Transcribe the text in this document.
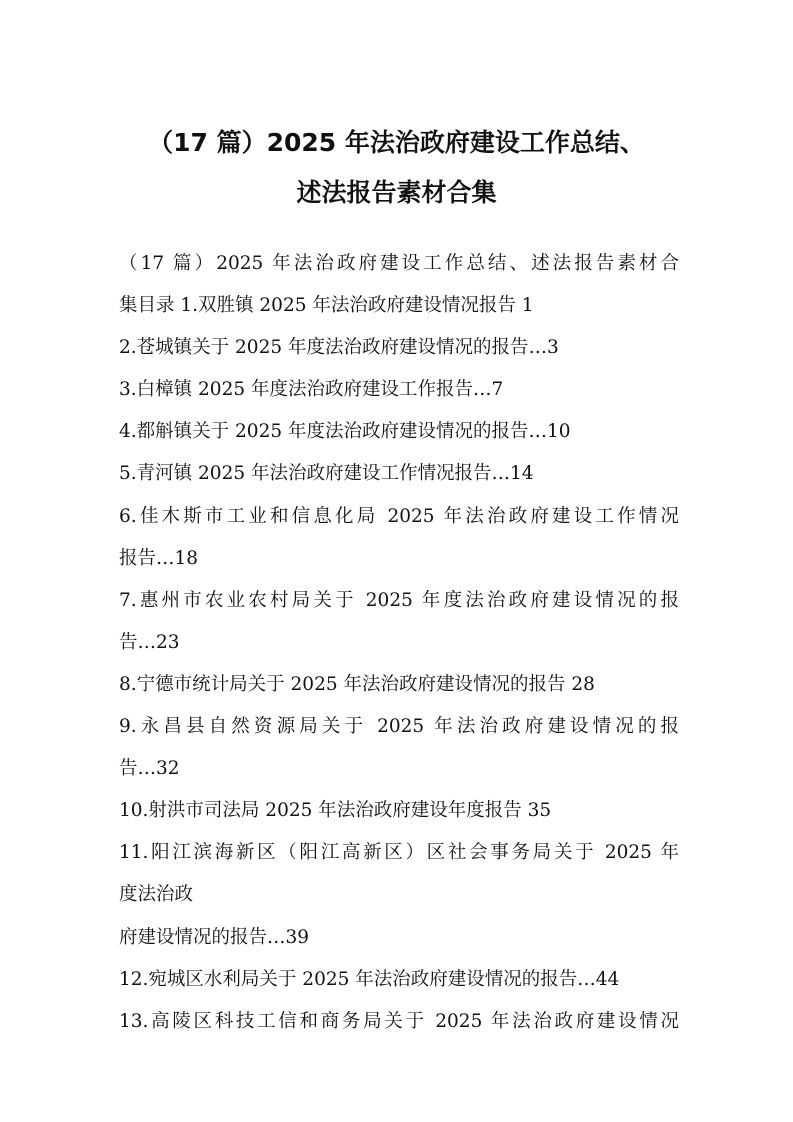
（17 篇）2025 年法治政府建设工作总结、
述法报告素材合集
（17 篇）2025 年法治政府建设工作总结、述法报告素材合
集目录 1.双胜镇 2025 年法治政府建设情况报告 1
2.苍城镇关于 2025 年度法治政府建设情况的报告…3
3.白樟镇 2025 年度法治政府建设工作报告…7
4.都斛镇关于 2025 年度法治政府建设情况的报告…10
5.青河镇 2025 年法治政府建设工作情况报告…14
6.佳木斯市工业和信息化局 2025 年法治政府建设工作情况
报告…18
7.惠州市农业农村局关于 2025 年度法治政府建设情况的报
告…23
8.宁德市统计局关于 2025 年法治政府建设情况的报告 28
9.永昌县自然资源局关于 2025 年法治政府建设情况的报
告…32
10.射洪市司法局 2025 年法治政府建设年度报告 35
11.阳江滨海新区（阳江高新区）区社会事务局关于 2025 年
度法治政
府建设情况的报告…39
12.宛城区水利局关于 2025 年法治政府建设情况的报告…44
13.高陵区科技工信和商务局关于 2025 年法治政府建设情况
